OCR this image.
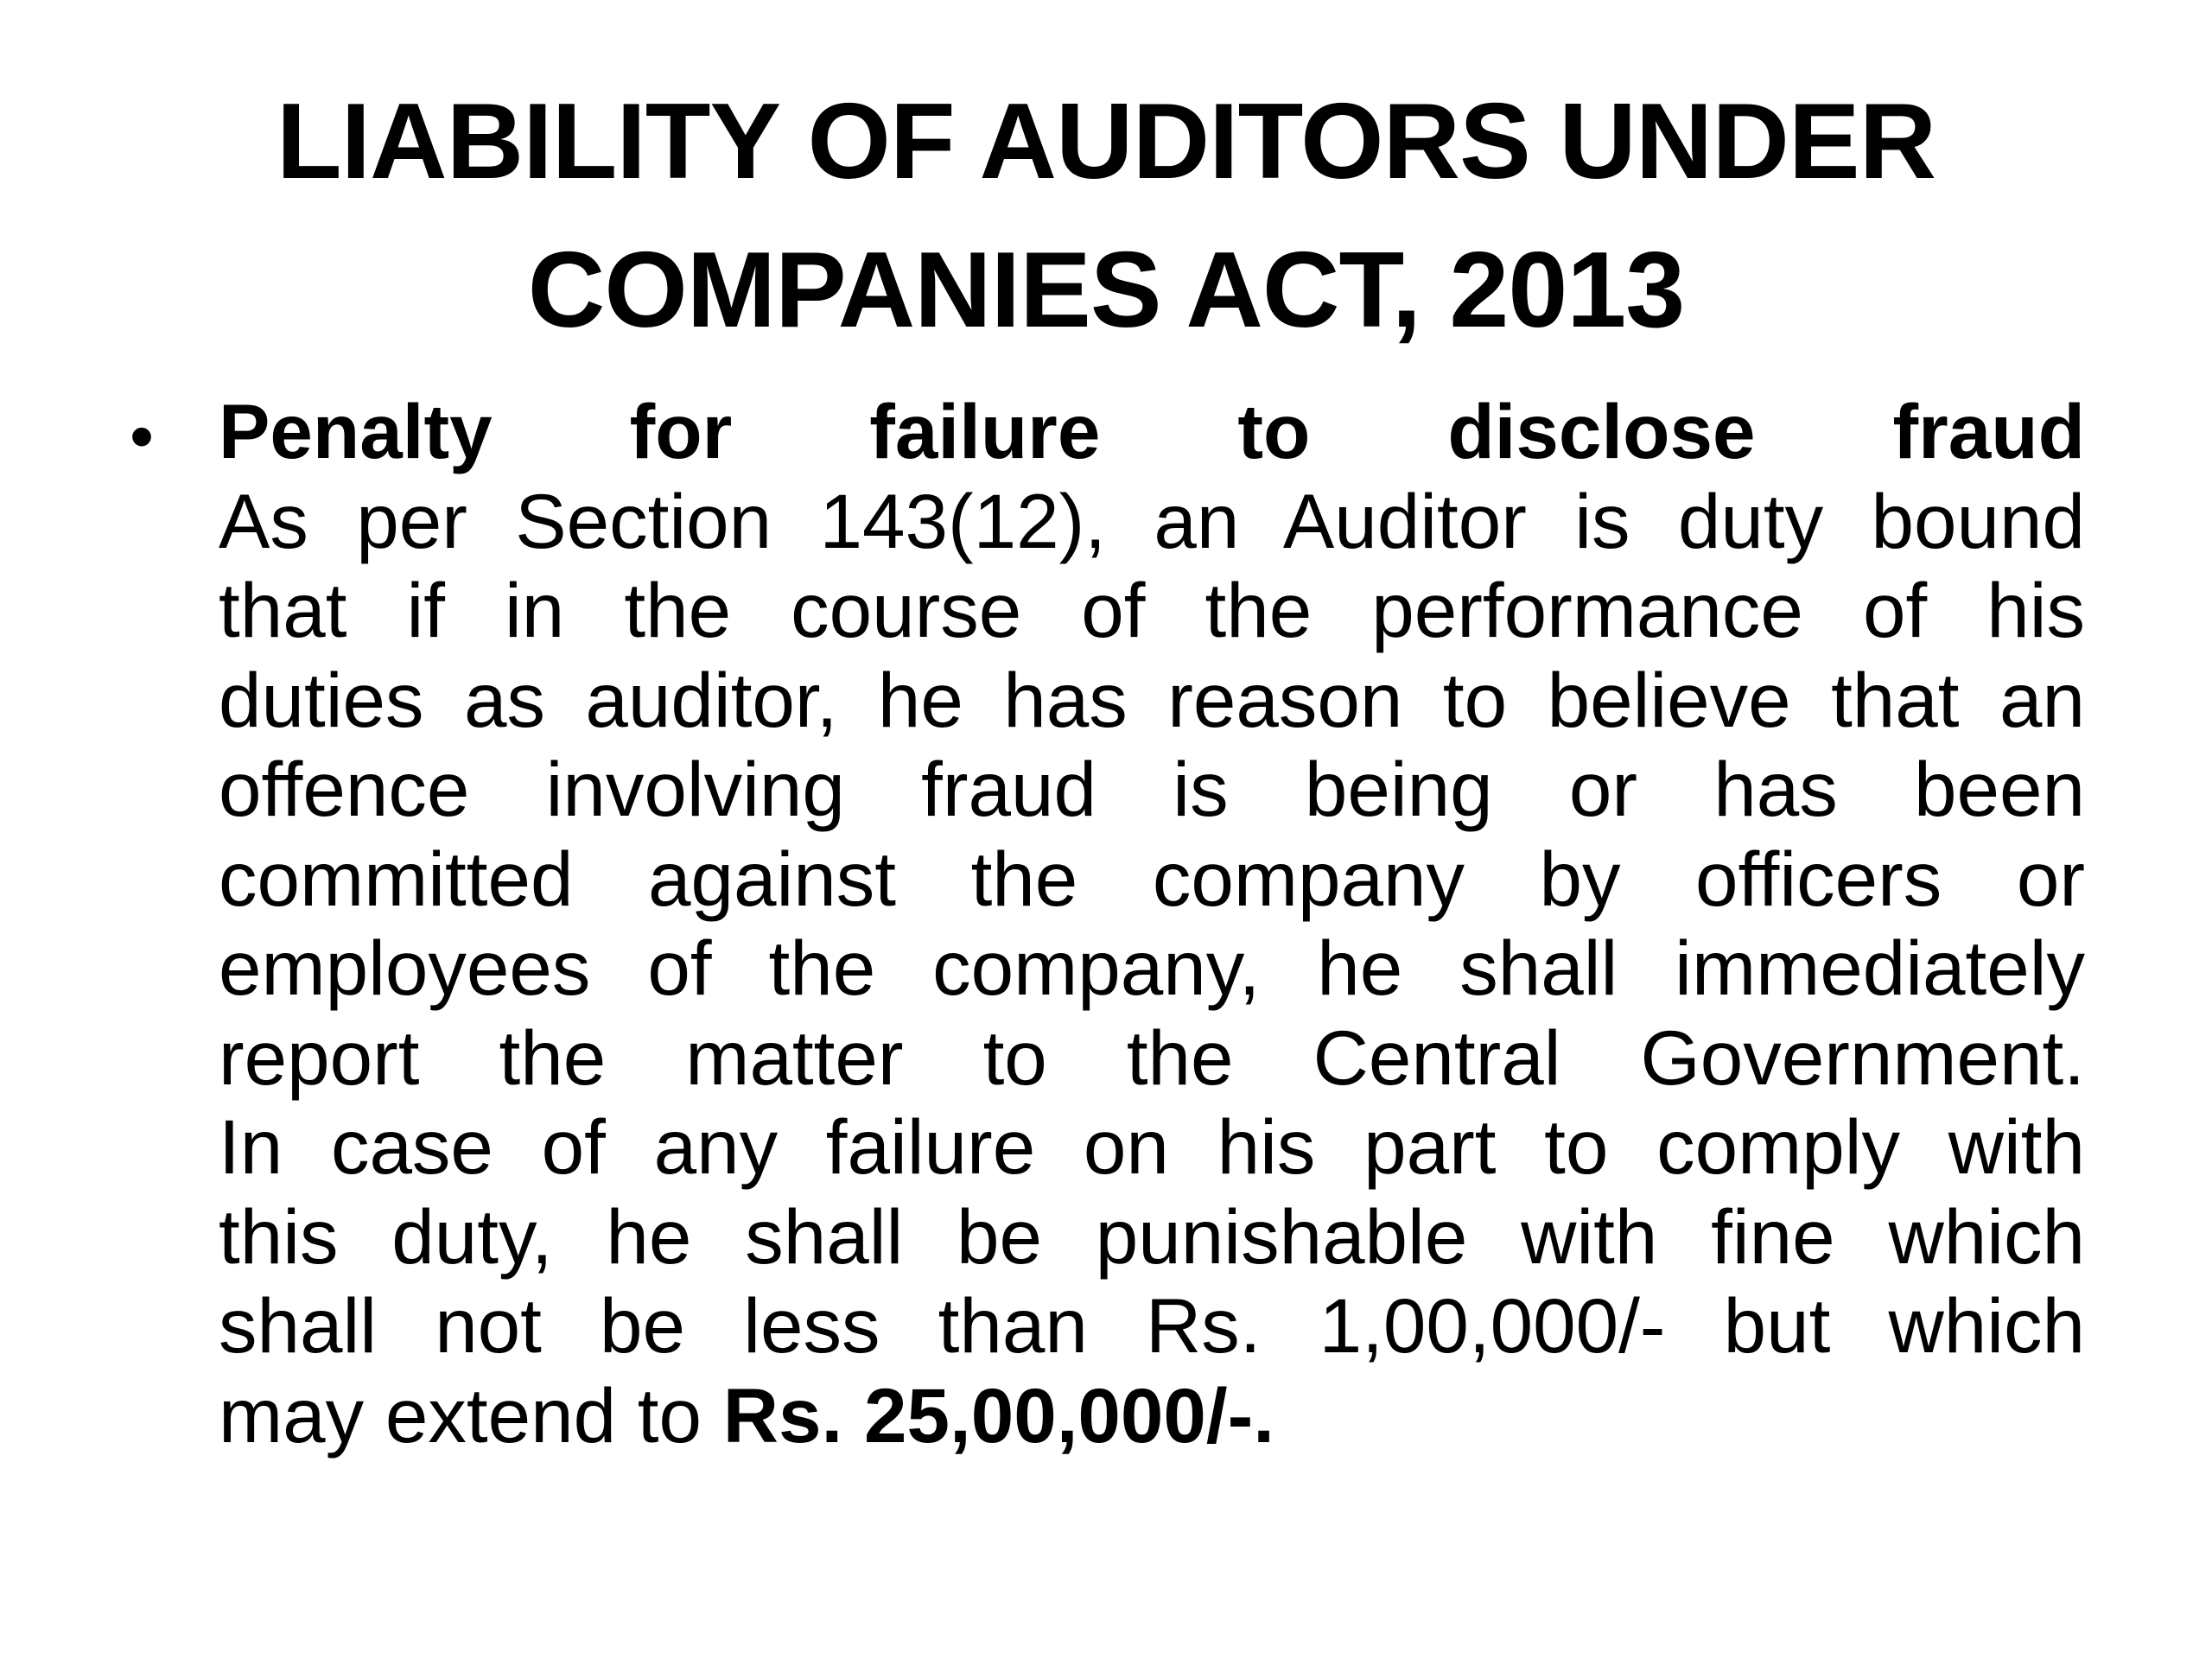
LIABILITY OF AUDITORS UNDER
COMPANIES ACT, 2013
• Penalty for failure to disclose fraud
As per Section 143(12), an Auditor is duty bound
that if in the course of the performance of his
duties as auditor, he has reason to believe that an
offence involving fraud is being or has been
committed against the company by officers or
employees of the company, he shall immediately
report the matter to the Central Government.
In case of any failure on his part to comply with
this duty, he shall be punishable with fine which
shall not be less than Rs. 1,00,000/- but which
may extend to Rs. 25,00,000/-.
